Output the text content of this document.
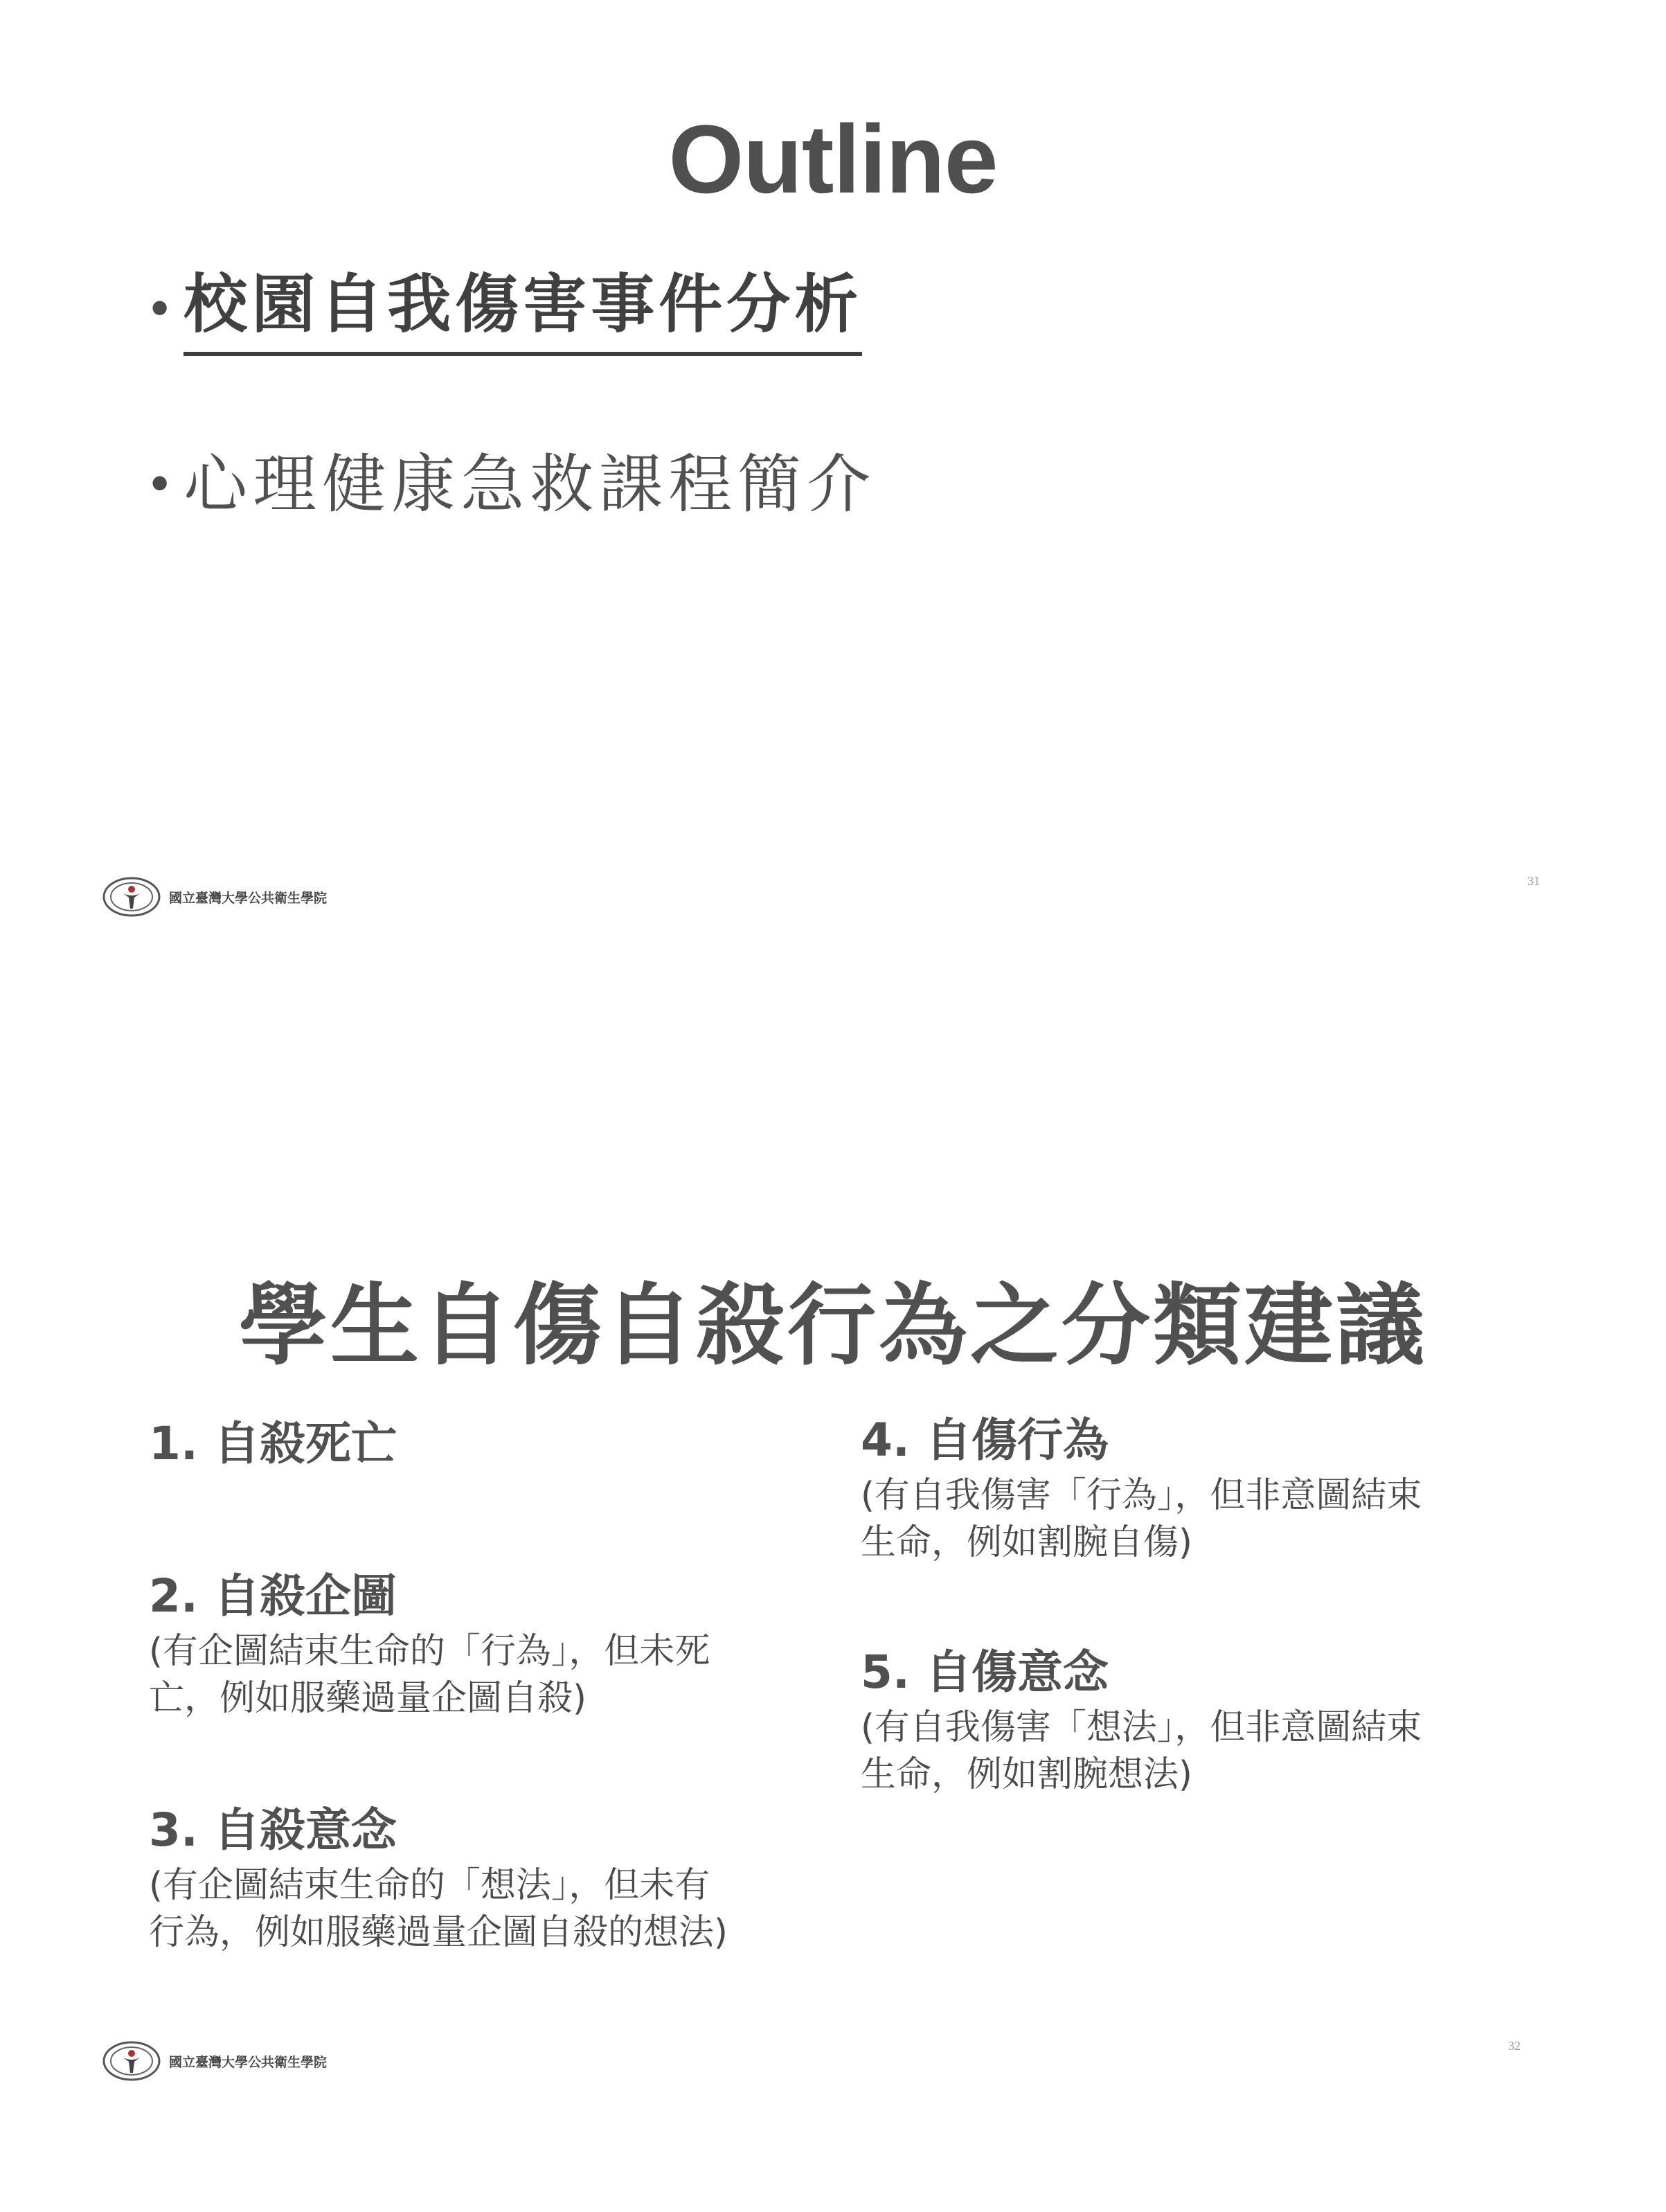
Outline
• 校園自我傷害事件分析
• 心理健康急救課程簡介
國立臺灣大學公共衛生學院
31
學生自傷自殺行為之分類建議
1. 自殺死亡
2. 自殺企圖
(有企圖結束生命的「行為」，但未死
亡，例如服藥過量企圖自殺)
3. 自殺意念
(有企圖結束生命的「想法」，但未有
行為，例如服藥過量企圖自殺的想法)
4. 自傷行為
(有自我傷害「行為」，但非意圖結束
生命，例如割腕自傷)
5. 自傷意念
(有自我傷害「想法」，但非意圖結束
生命，例如割腕想法)
國立臺灣大學公共衛生學院
32
